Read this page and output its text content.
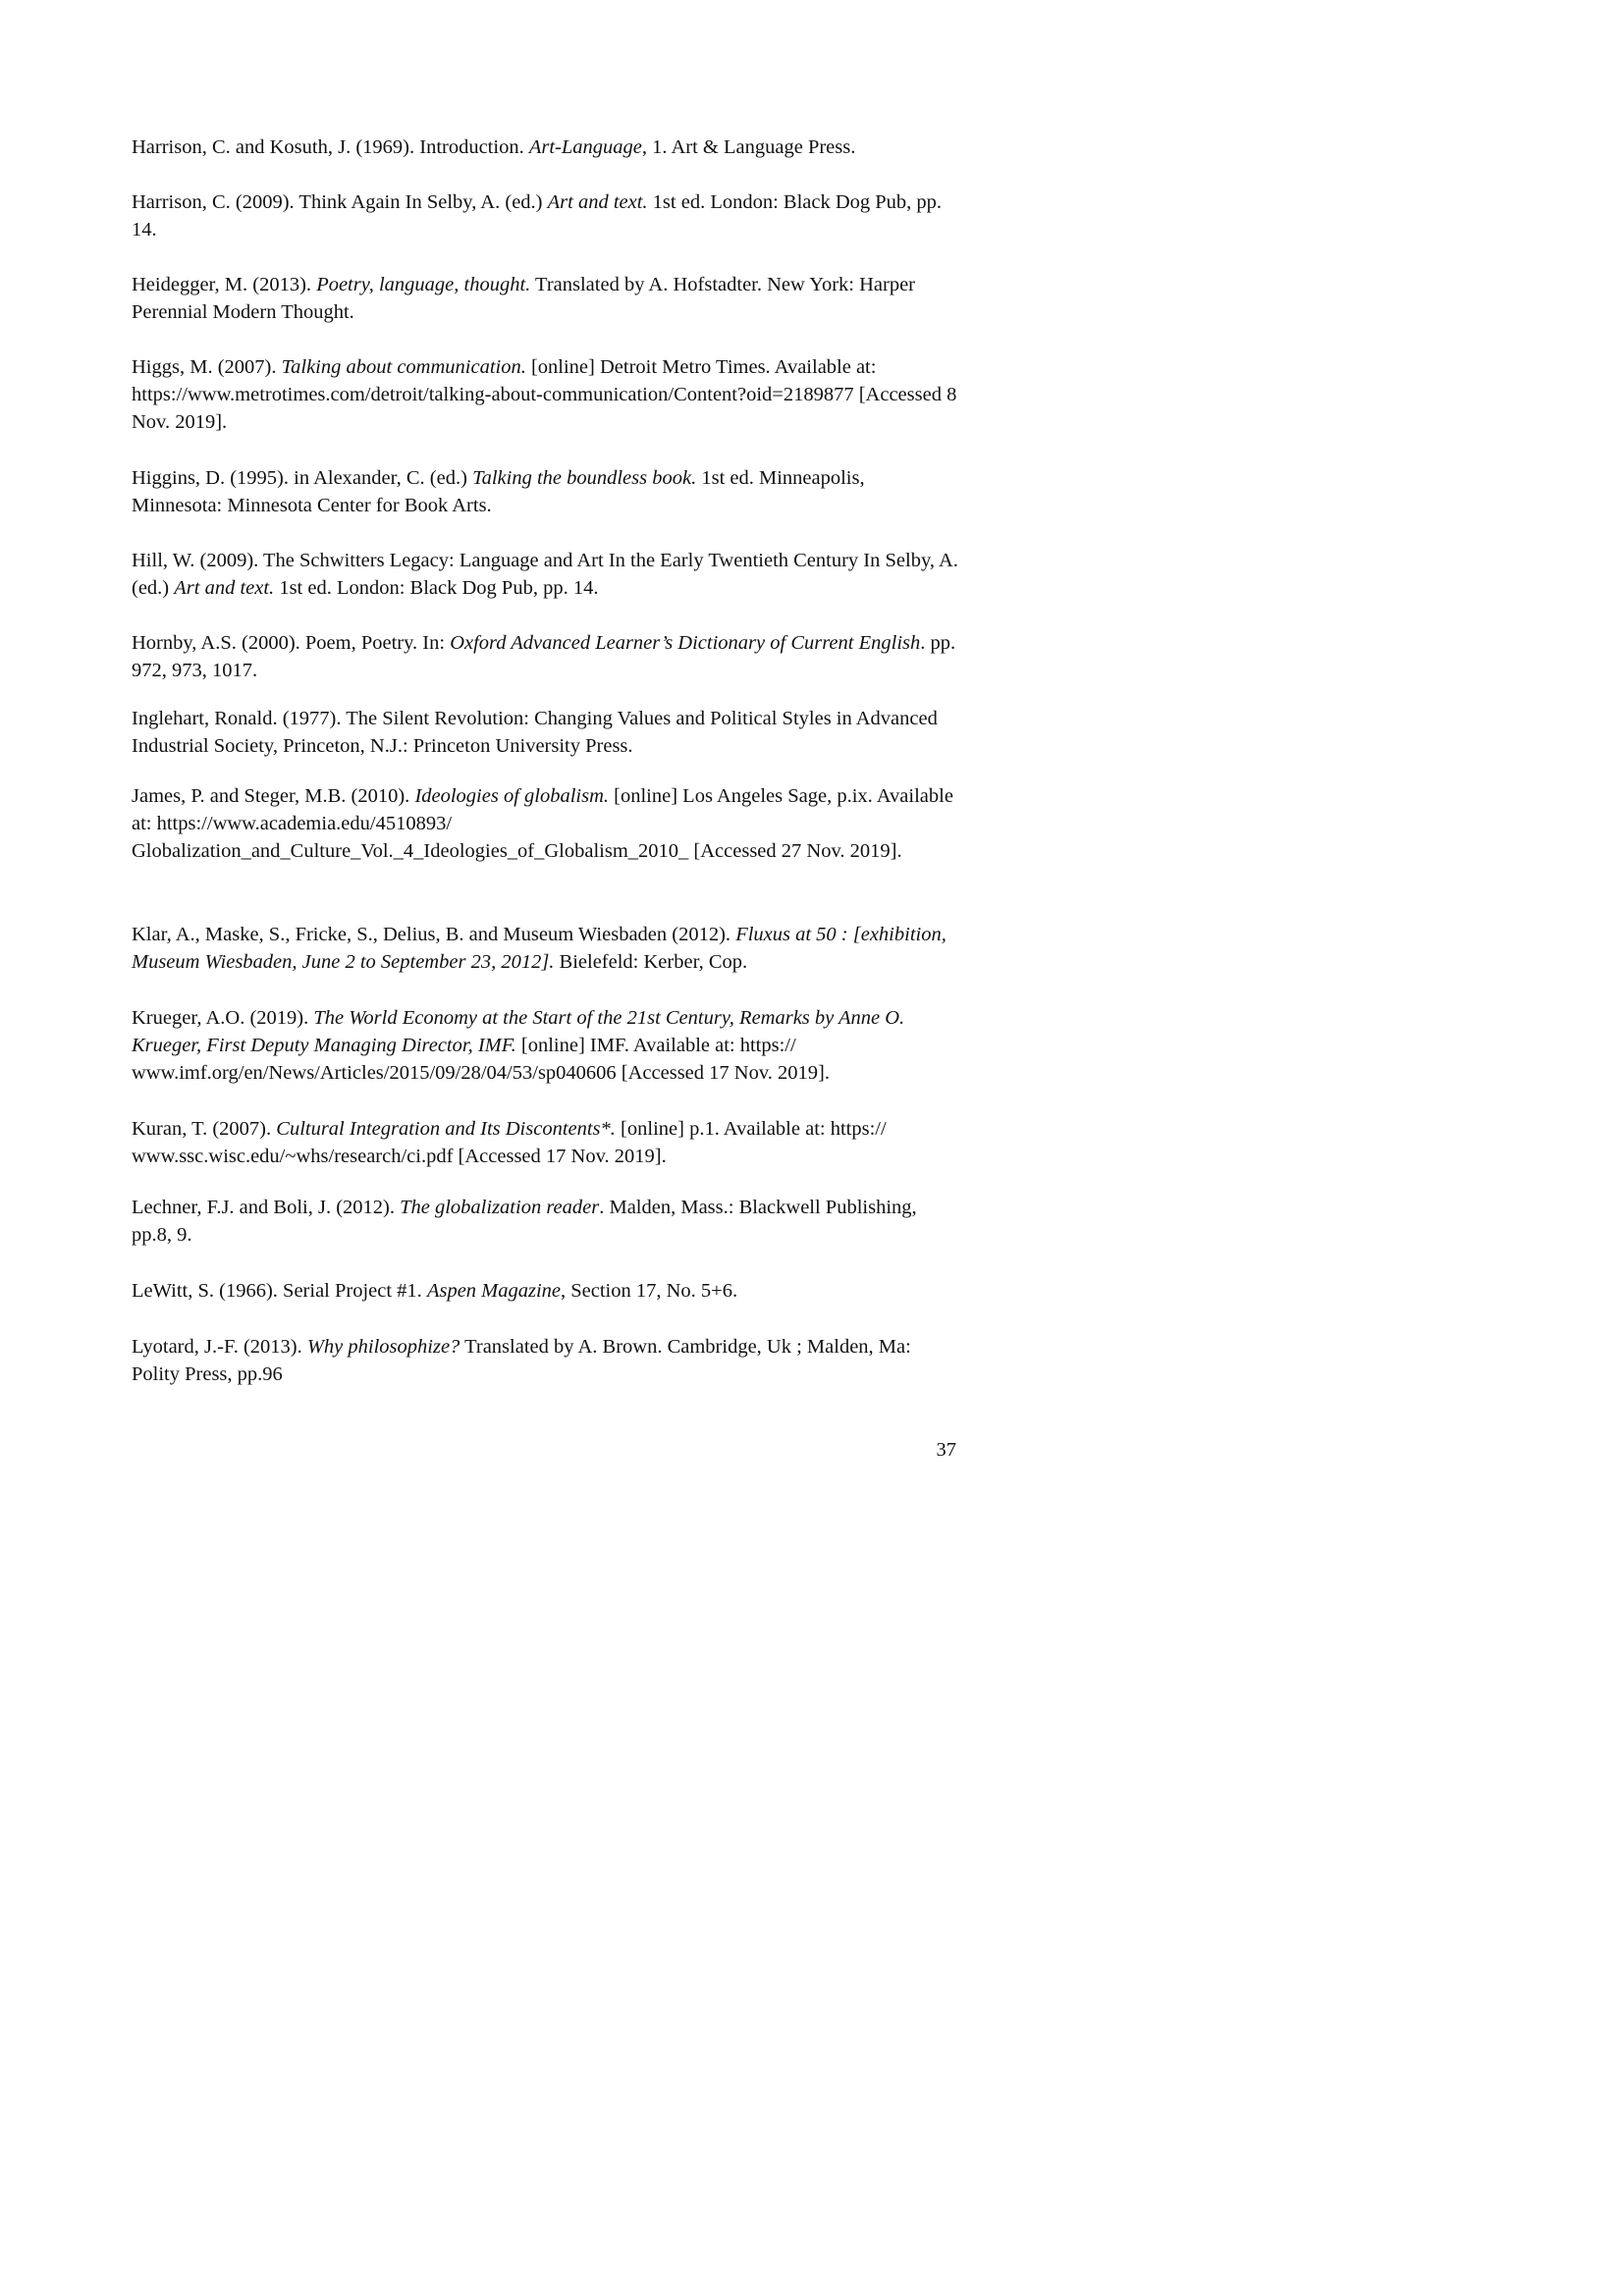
Harrison, C. and Kosuth, J. (1969). Introduction. Art-Language, 1. Art & Language Press.

Harrison, C. (2009). Think Again In Selby, A. (ed.) Art and text. 1st ed. London: Black Dog Pub, pp. 14.

Heidegger, M. (2013). Poetry, language, thought. Translated by A. Hofstadter. New York: Harper Perennial Modern Thought.

Higgs, M. (2007). Talking about communication. [online] Detroit Metro Times. Available at: https://www.metrotimes.com/detroit/talking-about-communication/Content?oid=2189877 [Accessed 8 Nov. 2019].

Higgins, D. (1995). in Alexander, C. (ed.) Talking the boundless book. 1st ed. Minneapolis, Minnesota: Minnesota Center for Book Arts.

Hill, W. (2009). The Schwitters Legacy: Language and Art In the Early Twentieth Century In Selby, A. (ed.) Art and text. 1st ed. London: Black Dog Pub, pp. 14.

Hornby, A.S. (2000). Poem, Poetry. In: Oxford Advanced Learner’s Dictionary of Current English. pp. 972, 973, 1017.

Inglehart, Ronald. (1977). The Silent Revolution: Changing Values and Political Styles in Advanced Industrial Society, Princeton, N.J.: Princeton University Press.

James, P. and Steger, M.B. (2010). Ideologies of globalism. [online] Los Angeles Sage, p.ix. Available at: https://www.academia.edu/4510893/ Globalization_and_Culture_Vol._4_Ideologies_of_Globalism_2010_ [Accessed 27 Nov. 2019].

Klar, A., Maske, S., Fricke, S., Delius, B. and Museum Wiesbaden (2012). Fluxus at 50 : [exhibition, Museum Wiesbaden, June 2 to September 23, 2012]. Bielefeld: Kerber, Cop.

Krueger, A.O. (2019). The World Economy at the Start of the 21st Century, Remarks by Anne O. Krueger, First Deputy Managing Director, IMF. [online] IMF. Available at: https:// www.imf.org/en/News/Articles/2015/09/28/04/53/sp040606 [Accessed 17 Nov. 2019].

Kuran, T. (2007). Cultural Integration and Its Discontents*. [online] p.1. Available at: https:// www.ssc.wisc.edu/~whs/research/ci.pdf [Accessed 17 Nov. 2019].

Lechner, F.J. and Boli, J. (2012). The globalization reader. Malden, Mass.: Blackwell Publishing, pp.8, 9.

LeWitt, S. (1966). Serial Project #1. Aspen Magazine, Section 17, No. 5+6.

Lyotard, J.-F. (2013). Why philosophize? Translated by A. Brown. Cambridge, Uk ; Malden, Ma: Polity Press, pp.96

37
